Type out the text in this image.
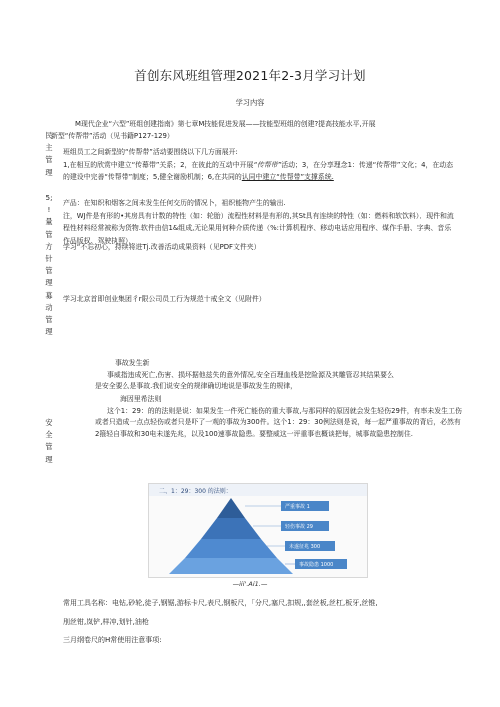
首创东风班组管理2021年2-3月学习计划
学习内容
民
主
管
理
5;
!
量
管
方
针
管
理
募
动
管
理
安
全
管
理
M现代企业“六型”班组创建指南》第七章M技能促进发展——技能型班组的创建?提高技能水平,开展
新型“传帮带”活动（见书籍P127-129）
班组员工之间新型的“传帮带”活动要围绕以下几方面展开:
1,在相互的欣赏中建立“传幕带”关系；2，在彼此的互动中开展“传帮带”活动；3，在分享理念1：传递“传帮带”文化；4，在动态的建设中完善“传帮带”制度；5,健全谢励机制；6,在共同的认同中建立“传帮带”支撑系统.
产品：在知织和烟客之间未发生任何交历的情况卜，祖织能物产生的输出.
注，WJ件是有形的•其房具有计数的特性（如：轮胎）流程性材料是有形的,其St具有连续的特性（如：燃料和软饮料）．现件和流程性材料经常被称为货物.软件由信1&组成,无论果用何种介质传递（%:计算机程序、移动电话应用程序、煤作手册、字典、音乐作品版权、驾驶执照），
学习“不忘初心，持续将进Tj.改善活动成果资料（见PDF文件夹）
学习北京首即创业集团彳r限公司员工行为规范十戒全文（见附件）
事故发生新
事威指违成死亡,伤害、损坏据他兹失的意外情况,安全百理血栈是挖险源及其雕管忍其结果要么
是安全要么是事故.我们说安全的规律确切地说是事故发生的规律，
海因里希法则
这个1：29：的的法则是说：如果发生一件死亡能伤的重大事故,与那同样的原因就会发生轻伤29件，有率未发生工伤或者只造成一点点轻伤或者只是吓了一观的事故为300件。这个1：29：30例法则是说，每一起严重事故的背后，必然有2箍轻自事故和30电未遂先兆，以及100速事故隐患。要整威这一评重事也概谈把每，城事故隐患控制住.
二、1：29：300 的法则：
严重事故 1
轻伤事故 29
未遂征兆 300
事故隐患 1000
—iii'.Ai1.—
常用工具名称：电钻,砂轮,徒子,钢锯,游标卡尺,表尺,钢板尺，「分尺,塞尺,扣规,,套丝板,丝杠,板牙,丝锥,
刖丝钳,岚铲,样冲,划针,油枪
三月纲卷尺的H常使用注意事项:
